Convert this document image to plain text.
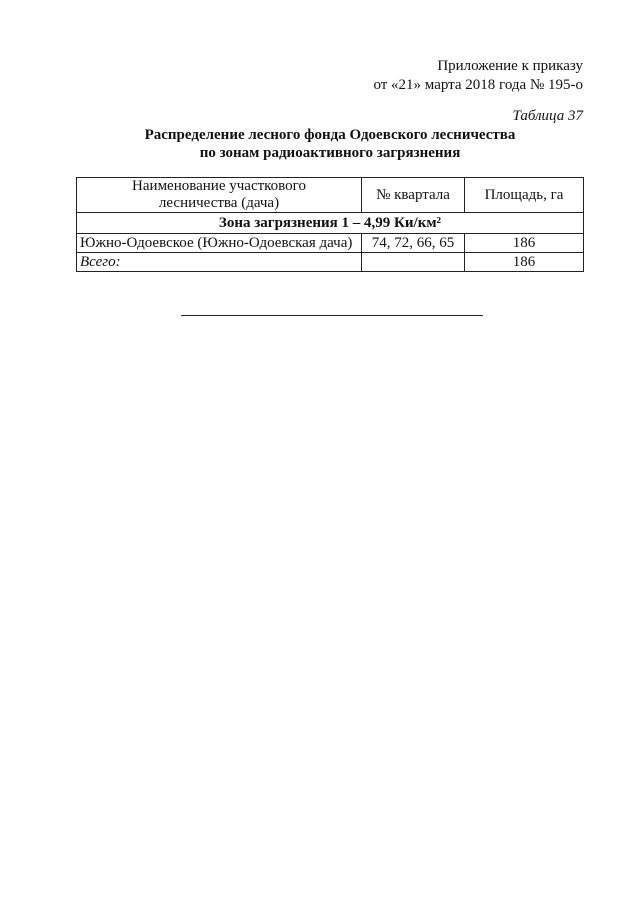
Приложение к приказу
от «21» марта 2018 года № 195-о
Таблица 37
Распределение лесного фонда Одоевского лесничества
по зонам радиоактивного загрязнения
Наименование участкового
лесничества (дача)	№ квартала	Площадь, га
Зона загрязнения 1 – 4,99 Ки/км²		
Южно-Одоевское (Южно-Одоевская дача)	74, 72, 66, 65	186
Всего:		186
